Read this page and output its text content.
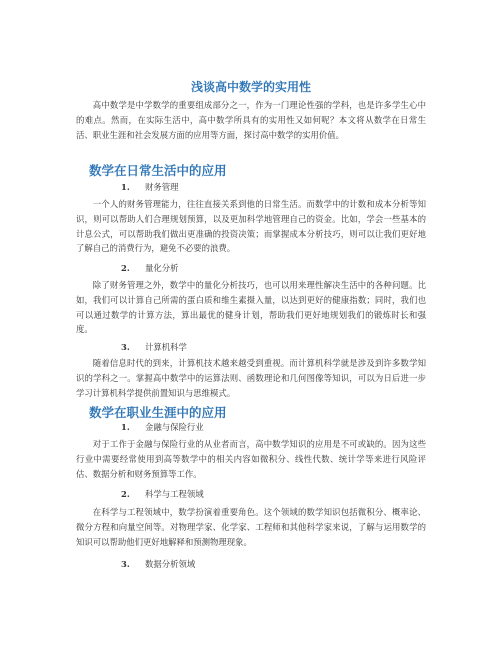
浅谈高中数学的实用性

高中数学是中学数学的重要组成部分之一，作为一门理论性强的学科，也是许多学生心中的难点。然而，在实际生活中，高中数学所具有的实用性又如何呢？本文将从数学在日常生活、职业生涯和社会发展方面的应用等方面，探讨高中数学的实用价值。

数学在日常生活中的应用
1. 财务管理

一个人的财务管理能力，往往直接关系到他的日常生活。而数学中的计数和成本分析等知识，则可以帮助人们合理规划预算，以及更加科学地管理自己的资金。比如，学会一些基本的计息公式，可以帮助我们做出更准确的投资决策；而掌握成本分析技巧，则可以让我们更好地了解自己的消费行为，避免不必要的浪费。

2. 量化分析

除了财务管理之外，数学中的量化分析技巧，也可以用来理性解决生活中的各种问题。比如，我们可以计算自己所需的蛋白质和维生素摄入量，以达到更好的健康指数；同时，我们也可以通过数学的计算方法，算出最优的健身计划，帮助我们更好地规划我们的锻炼时长和强度。

3. 计算机科学

随着信息时代的到来，计算机技术越来越受到重视。而计算机科学就是涉及到许多数学知识的学科之一。掌握高中数学中的运算法则、函数理论和几何图像等知识，可以为日后进一步学习计算机科学提供前置知识与思维模式。

数学在职业生涯中的应用
1. 金融与保险行业

对于工作于金融与保险行业的从业者而言，高中数学知识的应用是不可或缺的。因为这些行业中需要经常使用到高等数学中的相关内容如微积分、线性代数、统计学等来进行风险评估、数据分析和财务预算等工作。

2. 科学与工程领域

在科学与工程领域中，数学扮演着重要角色。这个领域的数学知识包括微积分、概率论、微分方程和向量空间等。对物理学家、化学家、工程师和其他科学家来说，了解与运用数学的知识可以帮助他们更好地解释和预测物理现象。

3. 数据分析领域
